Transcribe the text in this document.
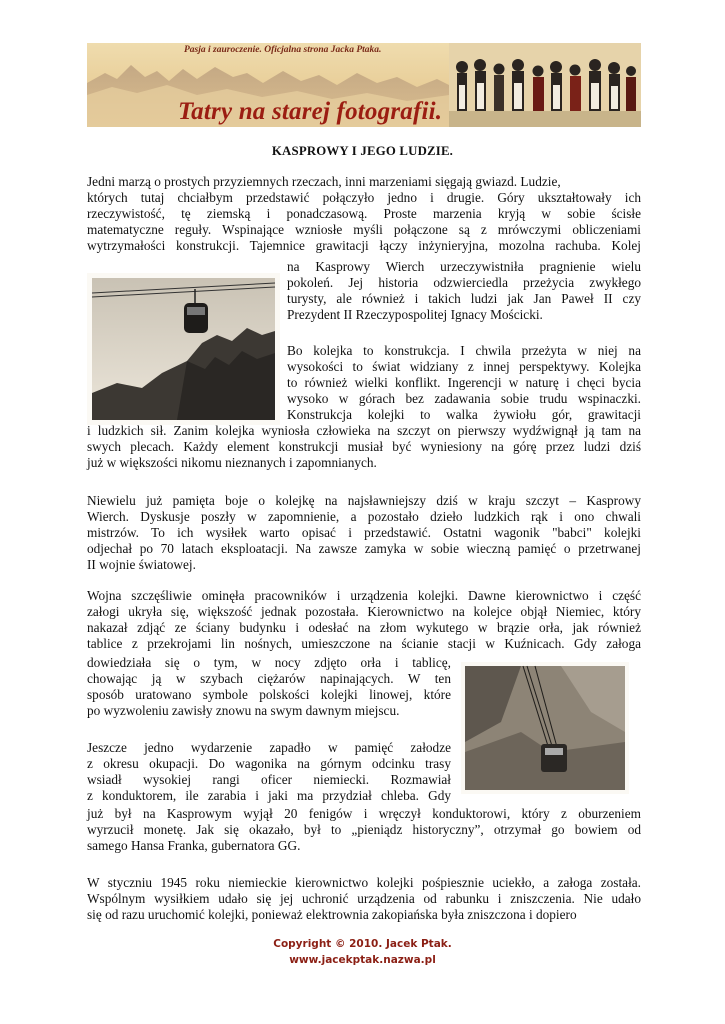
Pasja i zauroczenie. Oficjalna strona Jacka Ptaka.
Tatry na starej fotografii.
KASPROWY I JEGO LUDZIE.
Jedni marzą o prostych przyziemnych rzeczach, inni marzeniami sięgają gwiazd. Ludzie,
których tutaj chciałbym przedstawić połączyło jedno i drugie. Góry ukształtowały ich
rzeczywistość, tę ziemską i ponadczasową. Proste marzenia kryją w sobie ścisłe
matematyczne reguły. Wspinające wzniosłe myśli połączone są z mrówczymi obliczeniami
wytrzymałości konstrukcji. Tajemnice grawitacji łączy inżynieryjna, mozolna rachuba. Kolej
na Kasprowy Wierch urzeczywistniła pragnienie wielu
pokoleń. Jej historia odzwierciedla przeżycia zwykłego
turysty, ale również i takich ludzi jak Jan Paweł II czy
Prezydent II Rzeczypospolitej Ignacy Mościcki.
Bo kolejka to konstrukcja. I chwila przeżyta w niej na
wysokości to świat widziany z innej perspektywy. Kolejka
to również wielki konflikt. Ingerencji w naturę i chęci bycia
wysoko w górach bez zadawania sobie trudu wspinaczki.
Konstrukcja kolejki to walka żywiołu gór, grawitacji
i ludzkich sił. Zanim kolejka wyniosła człowieka na szczyt on pierwszy wydźwignął ją tam na
swych plecach. Każdy element konstrukcji musiał być wyniesiony na górę przez ludzi dziś
już w większości nikomu nieznanych i zapomnianych.
Niewielu już pamięta boje o kolejkę na najsławniejszy dziś w kraju szczyt – Kasprowy
Wierch. Dyskusje poszły w zapomnienie, a pozostało dzieło ludzkich rąk i ono chwali
mistrzów. To ich wysiłek warto opisać i przedstawić. Ostatni wagonik "babci" kolejki
odjechał po 70 latach eksploatacji. Na zawsze zamyka w sobie wieczną pamięć o przetrwanej
II wojnie światowej.
Wojna szczęśliwie ominęła pracowników i urządzenia kolejki. Dawne kierownictwo i część
załogi ukryła się, większość jednak pozostała. Kierownictwo na kolejce objął Niemiec, który
nakazał zdjąć ze ściany budynku i odesłać na złom wykutego w brązie orła, jak również
tablice z przekrojami lin nośnych, umieszczone na ścianie stacji w Kuźnicach. Gdy załoga
dowiedziała się o tym, w nocy zdjęto orła i tablicę,
chowając ją w szybach ciężarów napinających. W ten
sposób uratowano symbole polskości kolejki linowej, które
po wyzwoleniu zawisły znowu na swym dawnym miejscu.
Jeszcze jedno wydarzenie zapadło w pamięć załodze
z okresu okupacji. Do wagonika na górnym odcinku trasy
wsiadł wysokiej rangi oficer niemiecki. Rozmawiał
z konduktorem, ile zarabia i jaki ma przydział chleba. Gdy
już był na Kasprowym wyjął 20 fenigów i wręczył konduktorowi, który z oburzeniem
wyrzucił monetę. Jak się okazało, był to „pieniądz historyczny”, otrzymał go bowiem od
samego Hansa Franka, gubernatora GG.
W styczniu 1945 roku niemieckie kierownictwo kolejki pośpiesznie uciekło, a załoga została.
Wspólnym wysiłkiem udało się jej uchronić urządzenia od rabunku i zniszczenia. Nie udało
się od razu uruchomić kolejki, ponieważ elektrownia zakopiańska była zniszczona i dopiero
Copyright © 2010. Jacek Ptak.
www.jacekptak.nazwa.pl
